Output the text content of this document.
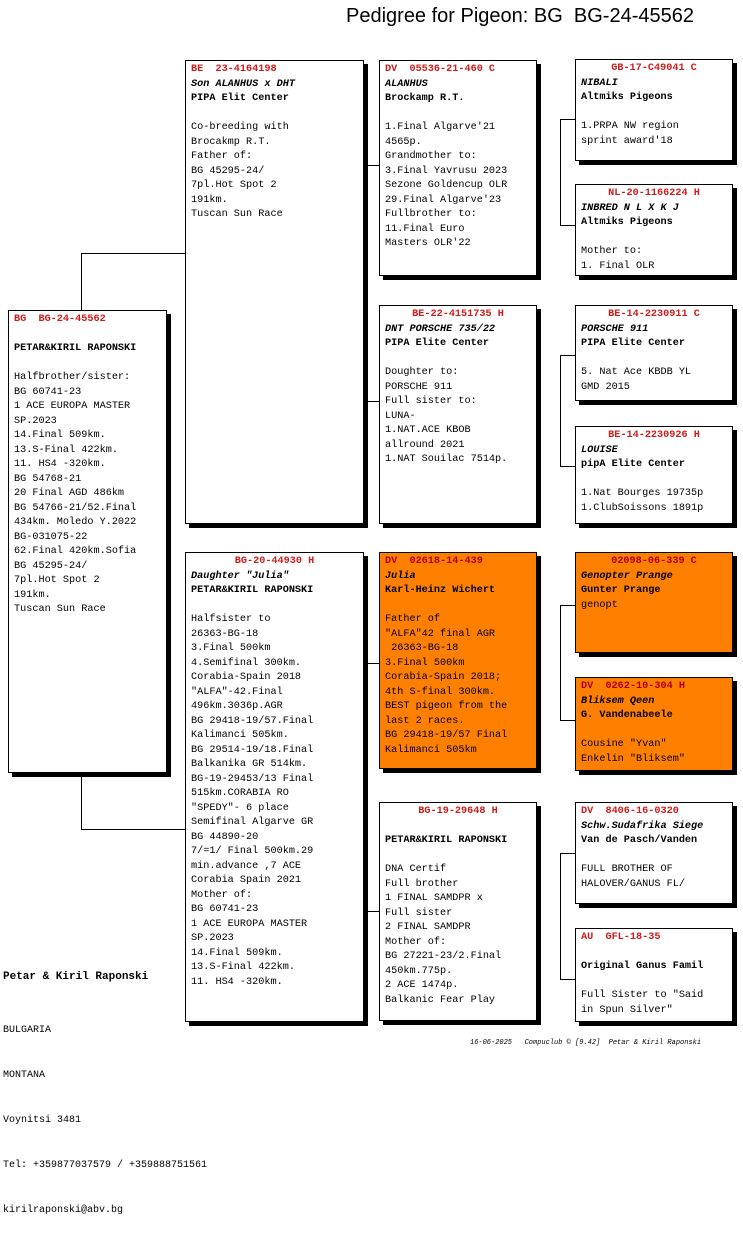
Pedigree for Pigeon: BG  BG-24-45562
BG  BG-24-45562
PETAR&KIRIL RAPONSKI
Halfbrother/sister:
BG 60741-23
1 ACE EUROPA MASTER
SP.2023
14.Final 509km.
13.S-Final 422km.
11. HS4 -320km.
BG 54768-21
20 Final AGD 486km
BG 54766-21/52.Final
434km. Moledo Y.2022
BG-031075-22
62.Final 420km.Sofia
BG 45295-24/
7pl.Hot Spot 2
191km.
Tuscan Sun Race
BE  23-4164198
Son ALANHUS x DHT
PIPA Elit Center
Co-breeding with
Brocakmp R.T.
Father of:
BG 45295-24/
7pl.Hot Spot 2
191km.
Tuscan Sun Race
BG-20-44930 H
Daughter "Julia"
PETAR&KIRIL RAPONSKI
Halfsister to
26363-BG-18
3.Final 500km
4.Semifinal 300km.
Corabia-Spain 2018
"ALFA"-42.Final
496km.3036p.AGR
BG 29418-19/57.Final
Kalimanci 505km.
BG 29514-19/18.Final
Balkanika GR 514km.
BG-19-29453/13 Final
515km.CORABIA RO
"SPEDY"- 6 place
Semifinal Algarve GR
BG 44890-20
7/=1/ Final 500km.29
min.advance ,7 ACE
Corabia Spain 2021
Mother of:
BG 60741-23
1 ACE EUROPA MASTER
SP.2023
14.Final 509km.
13.S-Final 422km.
11. HS4 -320km.
DV  05536-21-460 C
ALANHUS
Brockamp R.T.
1.Final Algarve'21
4565p.
Grandmother to:
3.Final Yavrusu 2023
Sezone Goldencup OLR
29.Final Algarve'23
Fullbrother to:
11.Final Euro
Masters OLR'22
BE-22-4151735 H
DNT PORSCHE 735/22
PIPA Elite Center
Doughter to:
PORSCHE 911
Full sister to:
LUNA-
1.NAT.ACE KBOB
allround 2021
1.NAT Souilac 7514p.
DV  02618-14-439
Julia
Karl-Heinz Wichert
Father of
"ALFA"42 final AGR
26363-BG-18
3.Final 500km
Corabia-Spain 2018;
4th S-final 300km.
BEST pigeon from the
last 2 races.
BG 29418-19/57 Final
Kalimanci 505km
BG-19-29648 H
PETAR&KIRIL RAPONSKI
DNA Certif
Full brother
1 FINAL SAMDPR x
Full sister
2 FINAL SAMDPR
Mother of:
BG 27221-23/2.Final
450km.775p.
2 ACE 1474p.
Balkanic Fear Play
GB-17-C49041 C
NIBALI
Altmiks Pigeons
1.PRPA NW region
sprint award'18
NL-20-1166224 H
INBRED N L X K J
Altmiks Pigeons
Mother to:
1. Final OLR
BE-14-2230911 C
PORSCHE 911
PIPA Elite Center
5. Nat Ace KBDB YL
GMD 2015
BE-14-2230926 H
LOUISE
pipA Elite Center
1.Nat Bourges 19735p
1.ClubSoissons 1891p
02098-06-339 C
Genopter Prange
Gunter Prange
genopt
DV  0262-10-304 H
Bliksem Qeen
G. Vandenabeele
Cousine "Yvan"
Enkelin "Bliksem"
DV  8406-16-0320
Schw.Sudafrika Siege
Van de Pasch/Vanden
FULL BROTHER OF
HALOVER/GANUS FL/
AU  GFL-18-35
Original Ganus Famil
Full Sister to "Said
in Spun Silver"

Petar & Kiril Raponski

BULGARIA

MONTANA

Voynitsi 3481

Tel: +359877037579 / +359888751561

kirilraponski@abv.bg

16-06-2025   Compuclub © [9.42]  Petar & Kiril Raponski
